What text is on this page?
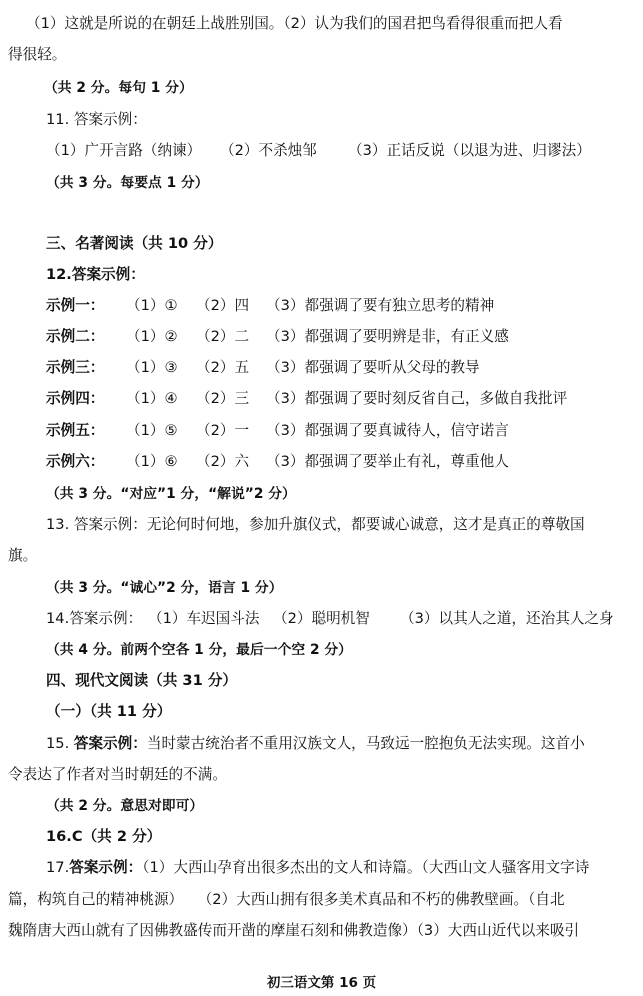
（1）这就是所说的在朝廷上战胜别国。（2）认为我们的国君把鸟看得很重而把人看
得很轻。
（共 2 分。每句 1 分）
11. 答案示例：
（1）广开言路（纳谏） （2）不杀烛邹 （3）正话反说（以退为进、归谬法）
（共 3 分。每要点 1 分）
三、名著阅读（共 10 分）
12.答案示例：
示例一： （1）① （2）四 （3）都强调了要有独立思考的精神
示例二： （1）② （2）二 （3）都强调了要明辨是非，有正义感
示例三： （1）③ （2）五 （3）都强调了要听从父母的教导
示例四： （1）④ （2）三 （3）都强调了要时刻反省自己，多做自我批评
示例五： （1）⑤ （2）一 （3）都强调了要真诚待人，信守诺言
示例六： （1）⑥ （2）六 （3）都强调了要举止有礼，尊重他人
（共 3 分。“对应”1 分，“解说”2 分）
13. 答案示例：无论何时何地，参加升旗仪式，都要诚心诚意，这才是真正的尊敬国
旗。
（共 3 分。“诚心”2 分，语言 1 分）
14.答案示例： （1）车迟国斗法 （2）聪明机智 （3）以其人之道，还治其人之身
（共 4 分。前两个空各 1 分，最后一个空 2 分）
四、现代文阅读（共 31 分）
（一）（共 11 分）
15. 答案示例：当时蒙古统治者不重用汉族文人，马致远一腔抱负无法实现。这首小
令表达了作者对当时朝廷的不满。
（共 2 分。意思对即可）
16.C（共 2 分）
17.答案示例：（1）大西山孕育出很多杰出的文人和诗篇。（大西山文人骚客用文字诗
篇，构筑自己的精神桃源）　　（2）大西山拥有很多美术真品和不朽的佛教壁画。（自北
魏隋唐大西山就有了因佛教盛传而开凿的摩崖石刻和佛教造像）（3）大西山近代以来吸引
初三语文第 16 页
